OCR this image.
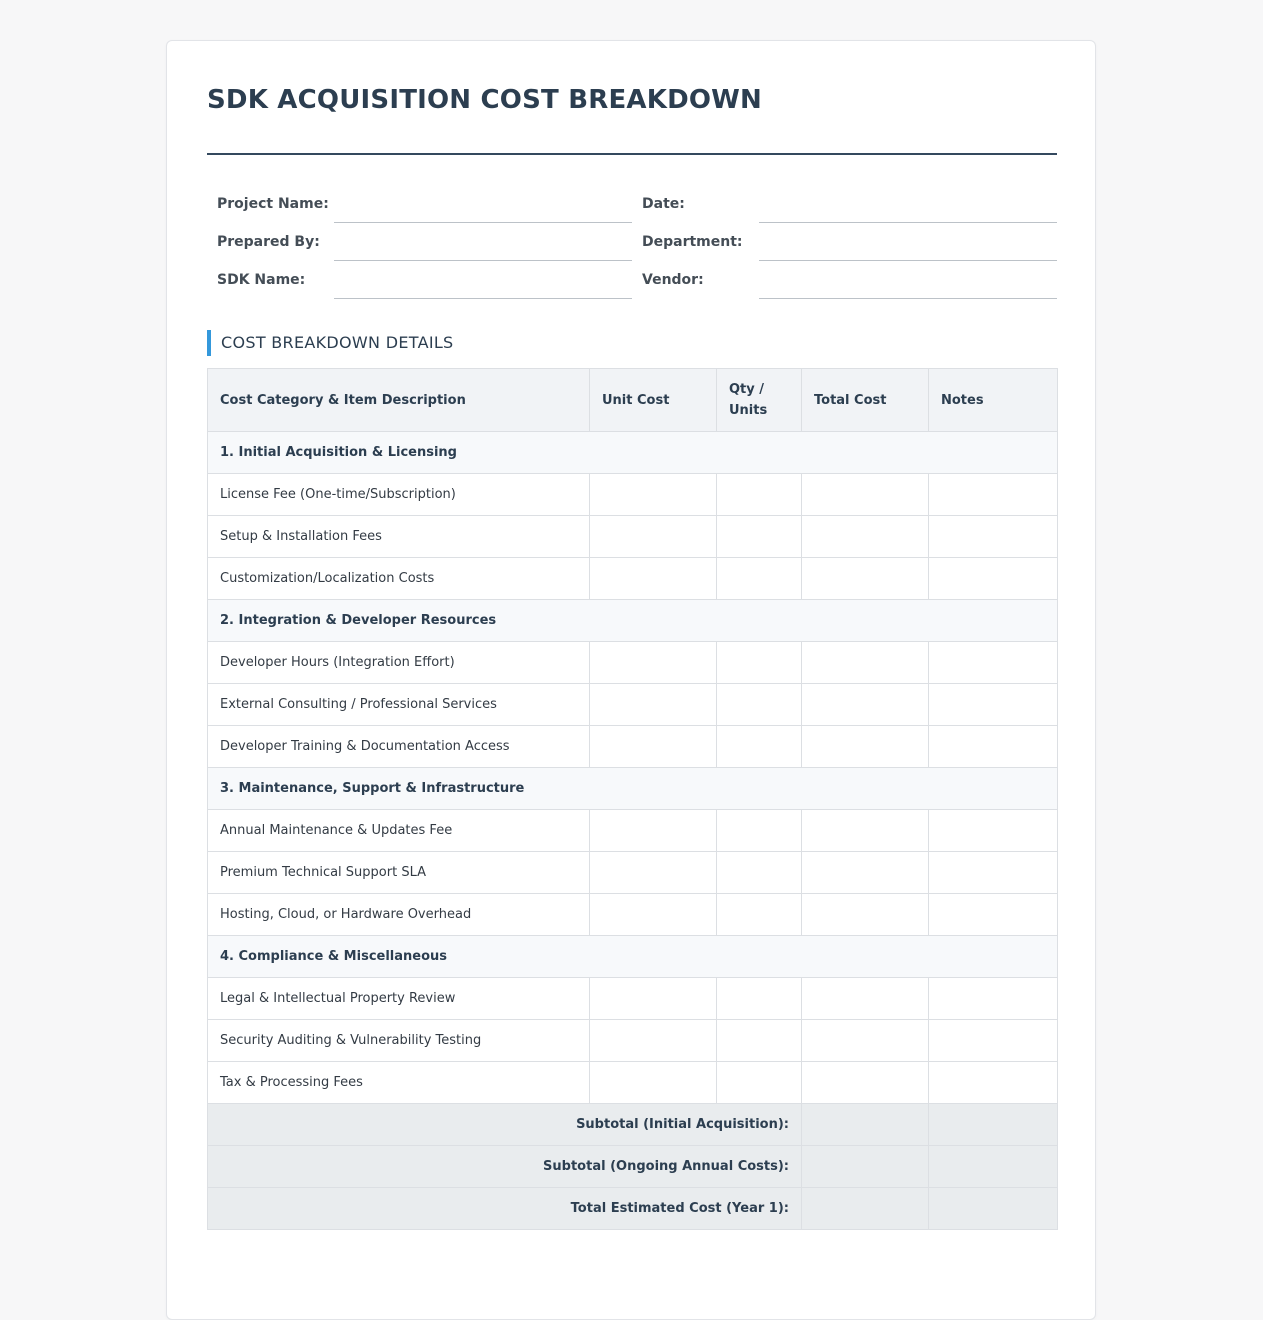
SDK ACQUISITION COST BREAKDOWN
Project Name:	Date:
Prepared By:	Department:
SDK Name:	Vendor:
COST BREAKDOWN DETAILS
Cost Category & Item Description	Unit Cost	Qty / Units	Total Cost	Notes
1. Initial Acquisition & Licensing				
License Fee (One-time/Subscription)				
Setup & Installation Fees				
Customization/Localization Costs				
2. Integration & Developer Resources				
Developer Hours (Integration Effort)				
External Consulting / Professional Services				
Developer Training & Documentation Access				
3. Maintenance, Support & Infrastructure				
Annual Maintenance & Updates Fee				
Premium Technical Support SLA				
Hosting, Cloud, or Hardware Overhead				
4. Compliance & Miscellaneous				
Legal & Intellectual Property Review				
Security Auditing & Vulnerability Testing				
Tax & Processing Fees				
Subtotal (Initial Acquisition):				
Subtotal (Ongoing Annual Costs):				
Total Estimated Cost (Year 1):				
